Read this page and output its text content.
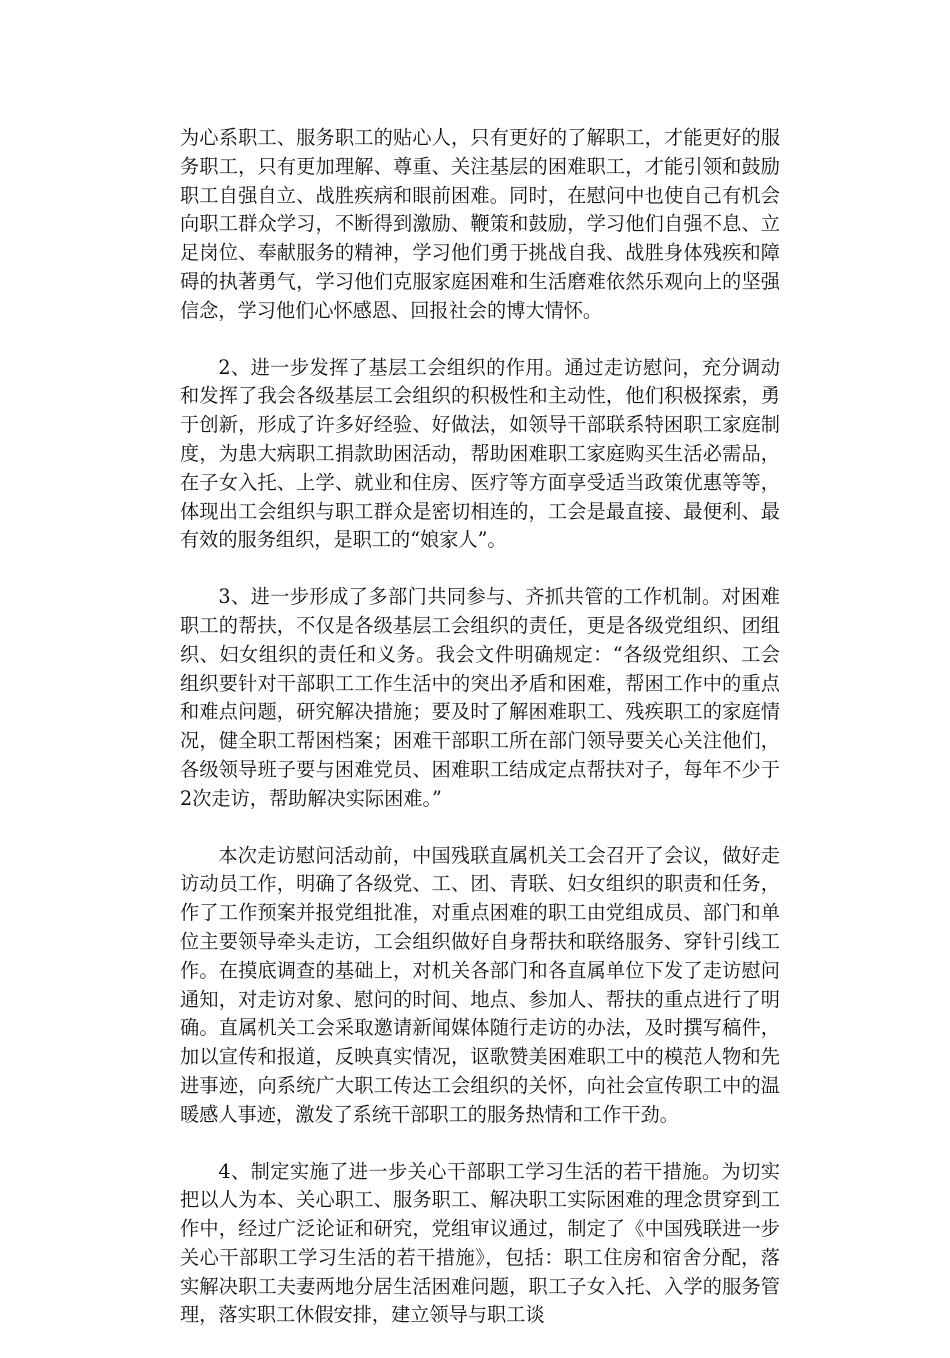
为心系职工、服务职工的贴心人，只有更好的了解职工，才能更好的服务职工，只有更加理解、尊重、关注基层的困难职工，才能引领和鼓励职工自强自立、战胜疾病和眼前困难。同时，在慰问中也使自己有机会向职工群众学习，不断得到激励、鞭策和鼓励，学习他们自强不息、立足岗位、奉献服务的精神，学习他们勇于挑战自我、战胜身体残疾和障碍的执著勇气，学习他们克服家庭困难和生活磨难依然乐观向上的坚强信念，学习他们心怀感恩、回报社会的博大情怀。

2、进一步发挥了基层工会组织的作用。通过走访慰问，充分调动和发挥了我会各级基层工会组织的积极性和主动性，他们积极探索，勇于创新，形成了许多好经验、好做法，如领导干部联系特困职工家庭制度，为患大病职工捐款助困活动，帮助困难职工家庭购买生活必需品，在子女入托、上学、就业和住房、医疗等方面享受适当政策优惠等等，体现出工会组织与职工群众是密切相连的，工会是最直接、最便利、最有效的服务组织，是职工的“娘家人”。

3、进一步形成了多部门共同参与、齐抓共管的工作机制。对困难职工的帮扶，不仅是各级基层工会组织的责任，更是各级党组织、团组织、妇女组织的责任和义务。我会文件明确规定：“各级党组织、工会组织要针对干部职工工作生活中的突出矛盾和困难，帮困工作中的重点和难点问题，研究解决措施；要及时了解困难职工、残疾职工的家庭情况，健全职工帮困档案；困难干部职工所在部门领导要关心关注他们，各级领导班子要与困难党员、困难职工结成定点帮扶对子，每年不少于2次走访，帮助解决实际困难。”

本次走访慰问活动前，中国残联直属机关工会召开了会议，做好走访动员工作，明确了各级党、工、团、青联、妇女组织的职责和任务，作了工作预案并报党组批准，对重点困难的职工由党组成员、部门和单位主要领导牵头走访，工会组织做好自身帮扶和联络服务、穿针引线工作。在摸底调查的基础上，对机关各部门和各直属单位下发了走访慰问通知，对走访对象、慰问的时间、地点、参加人、帮扶的重点进行了明确。直属机关工会采取邀请新闻媒体随行走访的办法，及时撰写稿件，加以宣传和报道，反映真实情况，讴歌赞美困难职工中的模范人物和先进事迹，向系统广大职工传达工会组织的关怀，向社会宣传职工中的温暖感人事迹，激发了系统干部职工的服务热情和工作干劲。

4、制定实施了进一步关心干部职工学习生活的若干措施。为切实把以人为本、关心职工、服务职工、解决职工实际困难的理念贯穿到工作中，经过广泛论证和研究，党组审议通过，制定了《中国残联进一步关心干部职工学习生活的若干措施》，包括：职工住房和宿舍分配，落实解决职工夫妻两地分居生活困难问题，职工子女入托、入学的服务管理，落实职工休假安排，建立领导与职工谈
